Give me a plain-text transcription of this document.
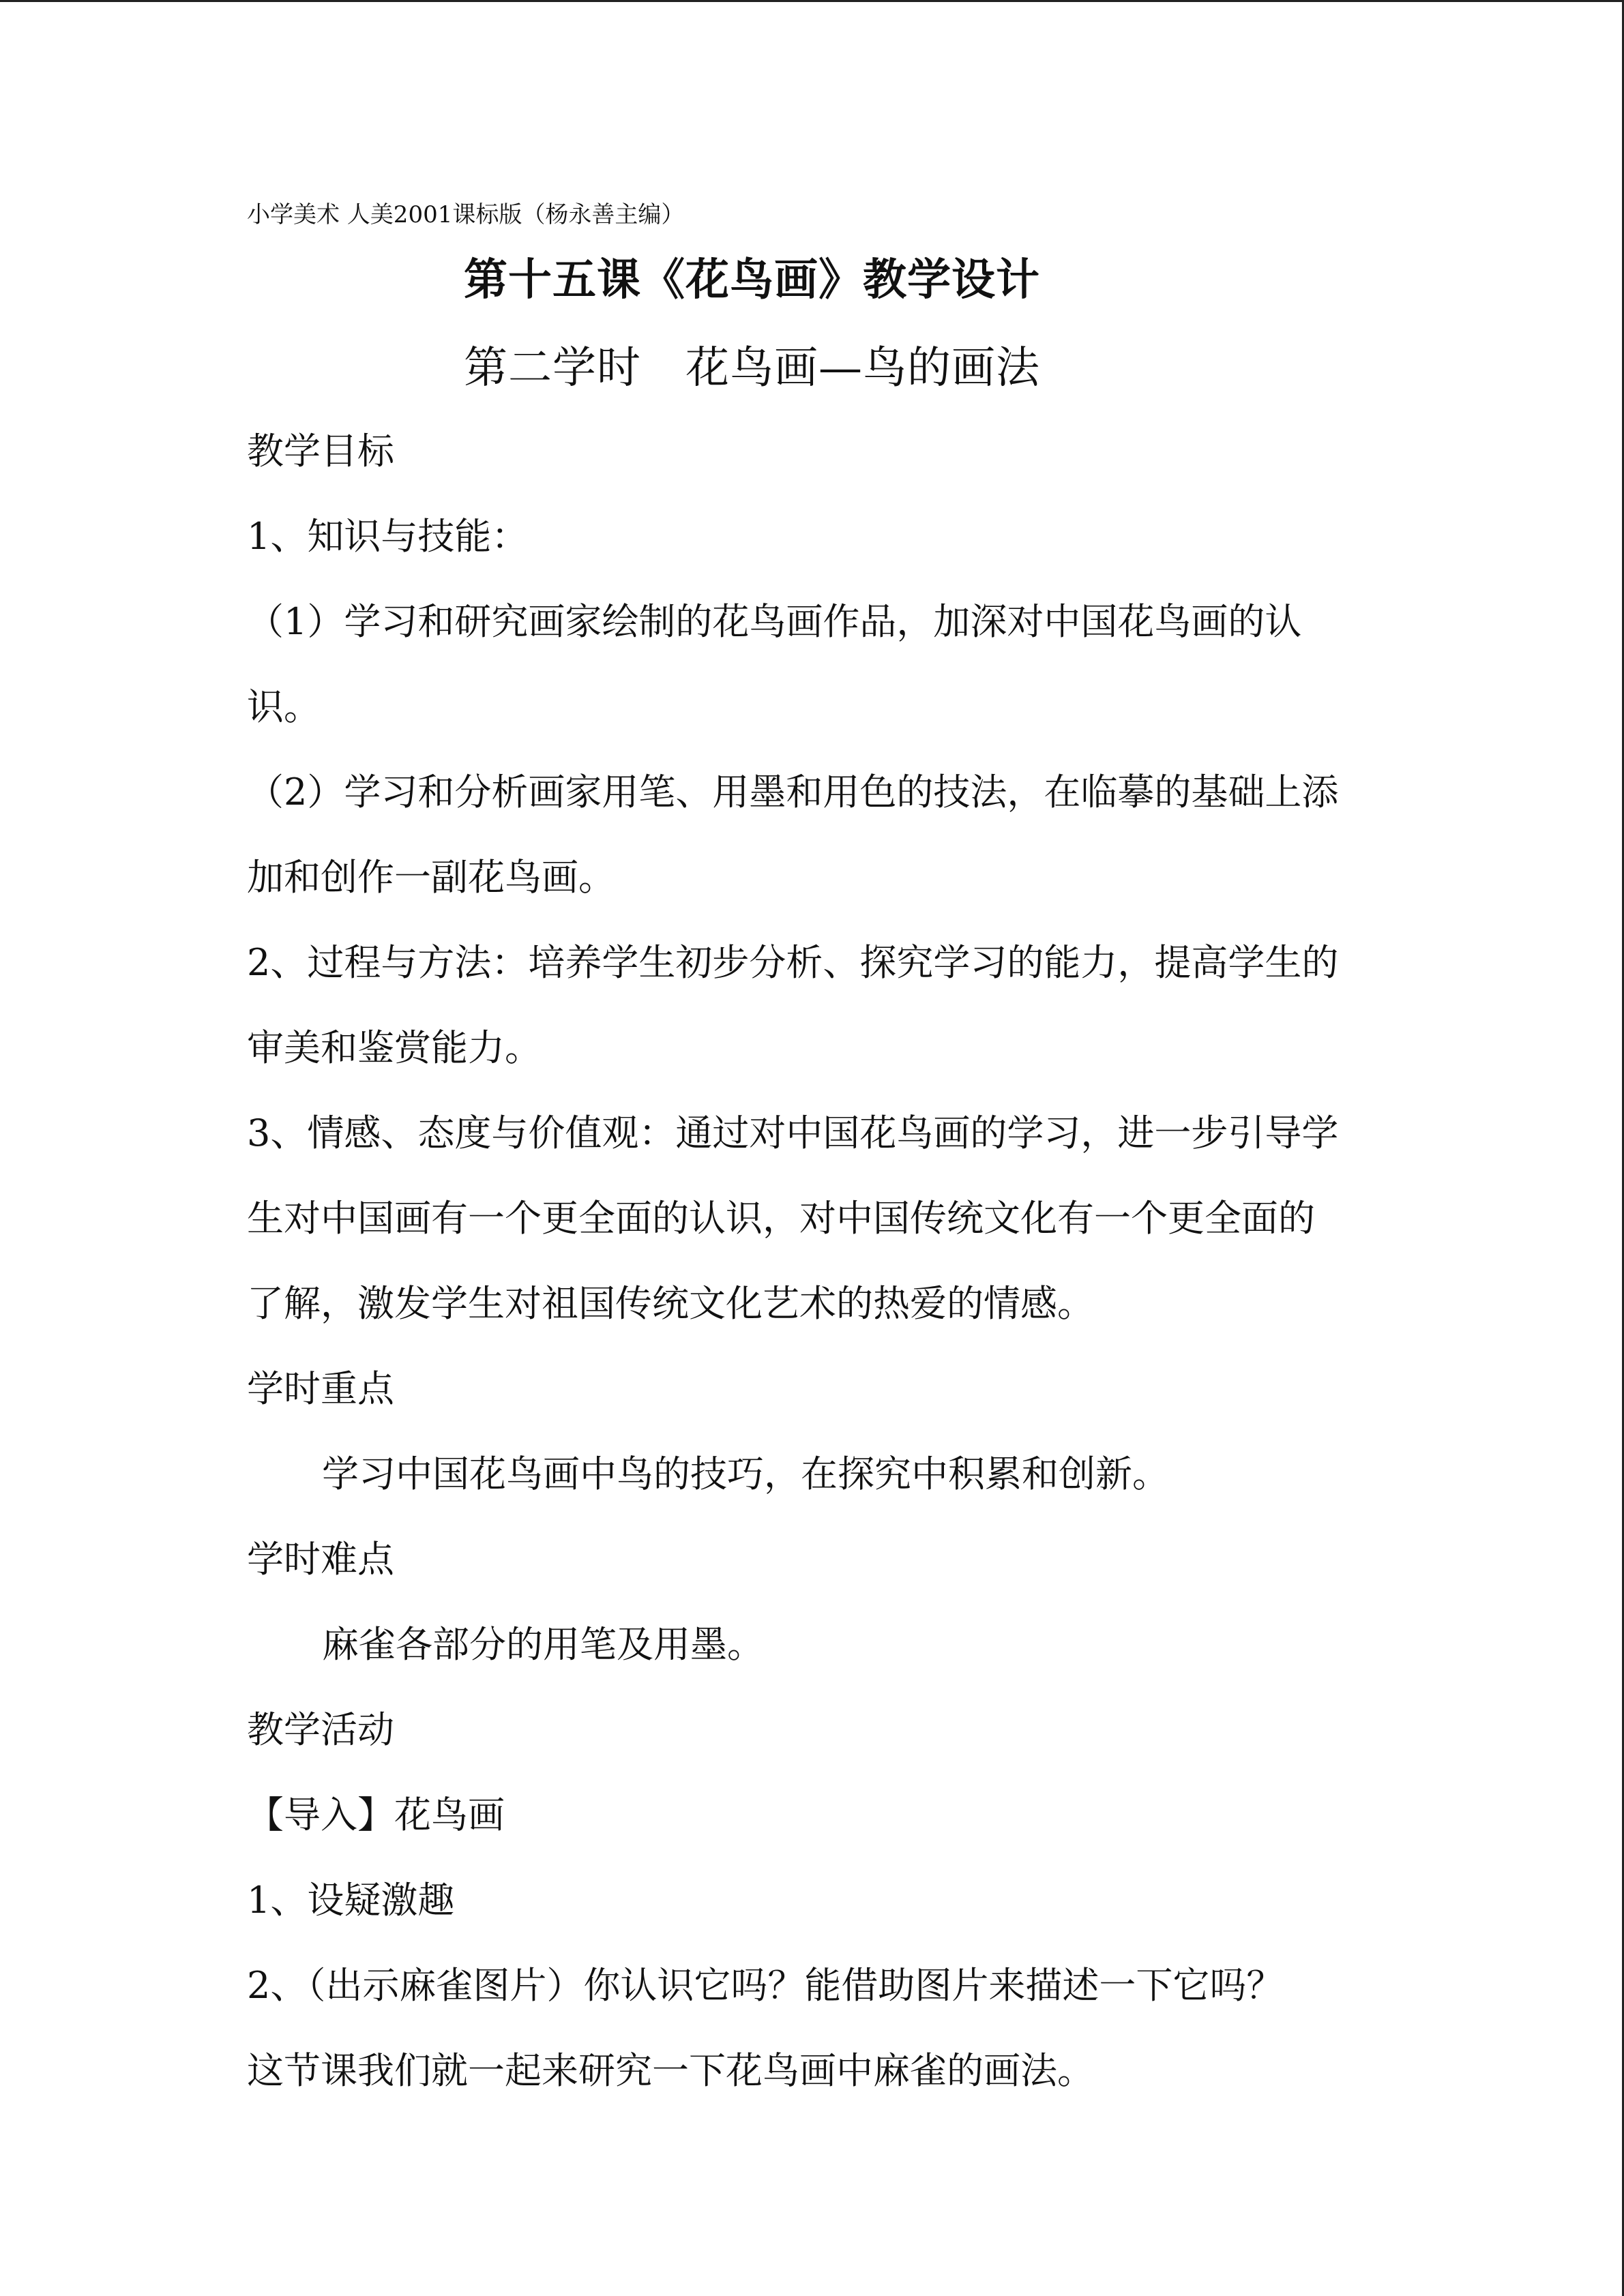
小学美术 人美2001课标版（杨永善主编）
第十五课《花鸟画》教学设计
第二学时　花鸟画—鸟的画法
教学目标
1、知识与技能：
（1）学习和研究画家绘制的花鸟画作品，加深对中国花鸟画的认
识。
（2）学习和分析画家用笔、用墨和用色的技法，在临摹的基础上添
加和创作一副花鸟画。
2、过程与方法：培养学生初步分析、探究学习的能力，提高学生的
审美和鉴赏能力。
3、情感、态度与价值观：通过对中国花鸟画的学习，进一步引导学
生对中国画有一个更全面的认识，对中国传统文化有一个更全面的
了解，激发学生对祖国传统文化艺术的热爱的情感。
学时重点
学习中国花鸟画中鸟的技巧，在探究中积累和创新。
学时难点
麻雀各部分的用笔及用墨。
教学活动
【导入】花鸟画
1、设疑激趣
2、（出示麻雀图片）你认识它吗？能借助图片来描述一下它吗？
这节课我们就一起来研究一下花鸟画中麻雀的画法。
